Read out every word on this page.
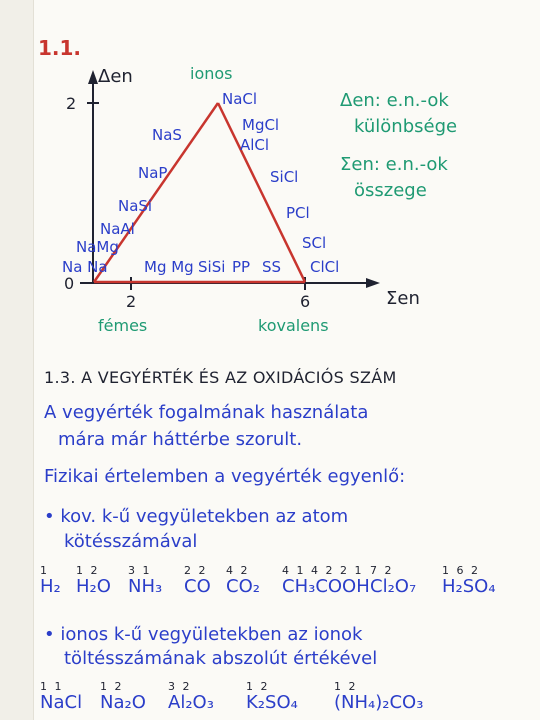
1.1.
Δen
Σen
2
0
2	6
ionos
fémes	kovalens
NaCl
MgCl
AlCl
SiCl
PCl
SCl
ClCl
NaS
NaP
NaSi
NaAl
NaMg
Na Na Mg Mg SiSi PP SS
Δen: e.n.-ok
különbsége
Σen: e.n.-ok
összege
1.3. A VEGYÉRTÉK ÉS AZ OXIDÁCIÓS SZÁM
A vegyérték fogalmának használata
mára már háttérbe szorult.
Fizikai értelemben a vegyérték egyenlő:
• kov. k-ű vegyületekben az atom
kötésszámával
1
H₂
1 2
H₂O
3 1
NH₃
2 2
CO
4 2
CO₂
4 1 4 2 2 1
CH₃COOH
7 2
Cl₂O₇
1 6 2
H₂SO₄
• ionos k-ű vegyületekben az ionok
töltésszámának abszolút értékével
1 1
NaCl
1 2
Na₂O
3 2
Al₂O₃
1 2
K₂SO₄
1 2
(NH₄)₂CO₃
